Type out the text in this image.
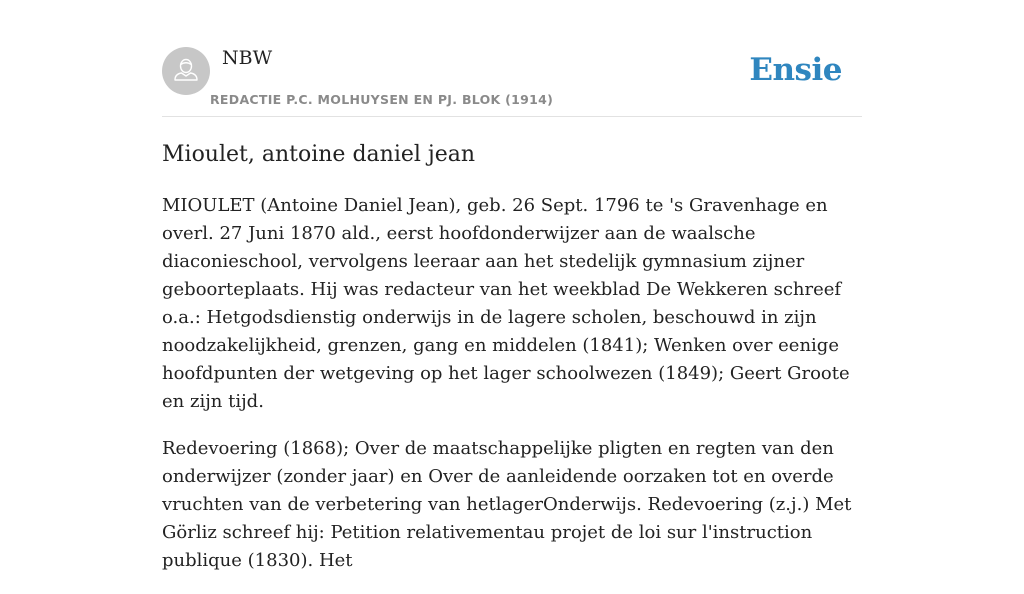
NBW
REDACTIE P.C. MOLHUYSEN EN PJ. BLOK (1914)
Ensie
Mioulet, antoine daniel jean

MIOULET (Antoine Daniel Jean), geb. 26 Sept. 1796 te 's Gravenhage en overl. 27 Juni 1870 ald., eerst hoofdonderwijzer aan de waalsche diaconieschool, vervolgens leeraar aan het stedelijk gymnasium zijner geboorteplaats. Hij was redacteur van het weekblad De Wekkeren schreef o.a.: Hetgodsdienstig onderwijs in de lagere scholen, beschouwd in zijn noodzakelijkheid, grenzen, gang en middelen (1841); Wenken over eenige hoofdpunten der wetgeving op het lager schoolwezen (1849); Geert Groote en zijn tijd.

Redevoering (1868); Over de maatschappelijke pligten en regten van den onderwijzer (zonder jaar) en Over de aanleidende oorzaken tot en overde vruchten van de verbetering van hetlagerOnderwijs. Redevoering (z.j.) Met Görliz schreef hij: Petition relativementau projet de loi sur l'instruction publique (1830). Het
